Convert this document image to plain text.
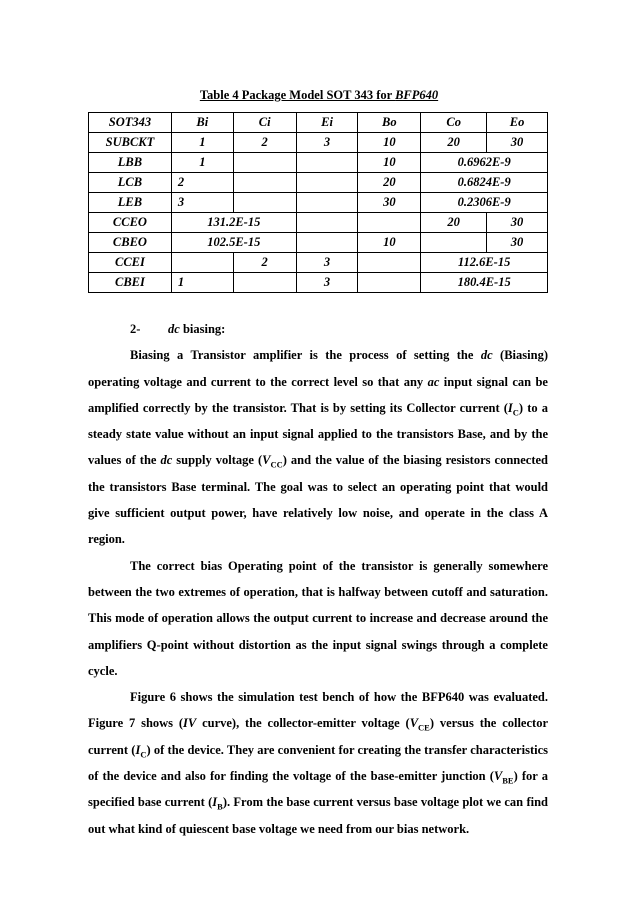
Table 4 Package Model SOT 343 for BFP640
SOT343	Bi	Ci	Ei	Bo	Co	Eo
SUBCKT	1	2	3	10	20	30
LBB	1			10	0.6962E-9	
LCB	2			20	0.6824E-9	
LEB	3			30	0.2306E-9	
CCEO	131.2E-15				20	30
CBEO	102.5E-15			10		30
CCEI		2	3		112.6E-15	
CBEI	1		3		180.4E-15	
2- dc biasing:

Biasing a Transistor amplifier is the process of setting the dc (Biasing) operating voltage and current to the correct level so that any ac input signal can be amplified correctly by the transistor. That is by setting its Collector current $(I_C)$ to a steady state value without an input signal applied to the transistors Base, and by the values of the dc supply voltage $(V_{CC})$ and the value of the biasing resistors connected the transistors Base terminal. The goal was to select an operating point that would give sufficient output power, have relatively low noise, and operate in the class A region.

The correct bias Operating point of the transistor is generally somewhere between the two extremes of operation, that is halfway between cutoff and saturation. This mode of operation allows the output current to increase and decrease around the amplifiers Q-point without distortion as the input signal swings through a complete cycle.

Figure 6 shows the simulation test bench of how the BFP640 was evaluated. Figure 7 shows (IV curve), the collector-emitter voltage $(V_{CE})$ versus the collector current $(I_C)$ of the device. They are convenient for creating the transfer characteristics of the device and also for finding the voltage of the base-emitter junction $(V_{BE})$ for a specified base current $(I_B)$. From the base current versus base voltage plot we can find out what kind of quiescent base voltage we need from our bias network.
